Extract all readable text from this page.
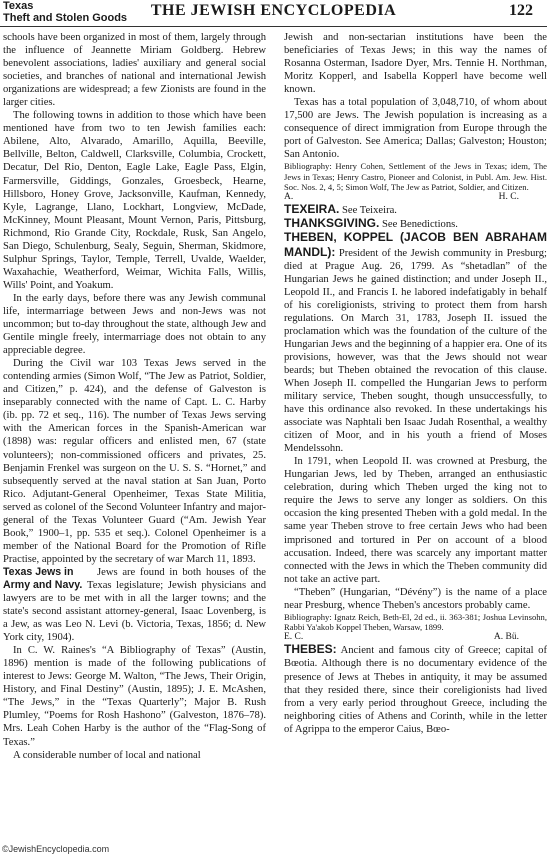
Texas
Theft and Stolen Goods	THE JEWISH ENCYCLOPEDIA	122

schools have been organized in most of them, largely through the influence of Jeannette Miriam Goldberg. Hebrew benevolent associations, ladies' auxiliary and general social societies, and branches of national and international Jewish organizations are widespread; a few Zionists are found in the larger cities.

The following towns in addition to those which have been mentioned have from two to ten Jewish families each: Abilene, Alto, Alvarado, Amarillo, Aquilla, Beeville, Bellville, Belton, Caldwell, Clarksville, Columbia, Crockett, Decatur, Del Rio, Denton, Eagle Lake, Eagle Pass, Elgin, Farmersville, Giddings, Gonzales, Groesbeck, Hearne, Hillsboro, Honey Grove, Jacksonville, Kaufman, Kennedy, Kyle, Lagrange, Llano, Lockhart, Longview, McDade, McKinney, Mount Pleasant, Mount Vernon, Paris, Pittsburg, Richmond, Rio Grande City, Rockdale, Rusk, San Angelo, San Diego, Schulenburg, Sealy, Seguin, Sherman, Skidmore, Sulphur Springs, Taylor, Temple, Terrell, Uvalde, Waelder, Waxahachie, Weatherford, Weimar, Wichita Falls, Willis, Wills' Point, and Yoakum.

In the early days, before there was any Jewish communal life, intermarriage between Jews and non-Jews was not uncommon; but to-day throughout the state, although Jew and Gentile mingle freely, intermarriage does not obtain to any appreciable degree.

During the Civil war 103 Texas Jews served in the contending armies (Simon Wolf, “The Jew as Patriot, Soldier, and Citizen,” p. 424), and the defense of Galveston is inseparably connected with the name of Capt. L. C. Harby (ib. pp. 72 et seq., 116). The number of Texas Jews serving with the American forces in the Spanish-American war (1898) was: regular officers and enlisted men, 67 (state volunteers); non-commissioned officers and privates, 25. Benjamin Frenkel was surgeon on the U. S. S. “Hornet,” and subsequently served at the naval station at San Juan, Porto Rico. Adjutant-General Openheimer, Texas State Militia, served as colonel of the Second Volunteer Infantry and major-general of the Texas Volunteer Guard (“Am. Jewish Year Book,” 1900–1, pp. 535 et seq.). Colonel Openheimer is a member of the National Board for the Promotion of Rifle Practise, appointed by the secretary of war March 11, 1893.

Texas Jews in Army and Navy.

Jews are found in both houses of the Texas legislature; Jewish physicians and lawyers are to be met with in all the larger towns; and the state's second assistant attorney-general, Isaac Lovenberg, is a Jew, as was Leo N. Levi (b. Victoria, Texas, 1856; d. New York city, 1904).

In C. W. Raines's “A Bibliography of Texas” (Austin, 1896) mention is made of the following publications of interest to Jews: George M. Walton, “The Jews, Their Origin, History, and Final Destiny” (Austin, 1895); J. E. McAshen, “The Jews,” in the “Texas Quarterly”; Major B. Rush Plumley, “Poems for Rosh Hashono” (Galveston, 1876–78). Mrs. Leah Cohen Harby is the author of the “Flag-Song of Texas.”

A considerable number of local and national

Jewish and non-sectarian institutions have been the beneficiaries of Texas Jews; in this way the names of Rosanna Osterman, Isadore Dyer, Mrs. Tennie H. Northman, Moritz Kopperl, and Isabella Kopperl have become well known.

Texas has a total population of 3,048,710, of whom about 17,500 are Jews. The Jewish population is increasing as a consequence of direct immigration from Europe through the port of Galveston. See America; Dallas; Galveston; Houston; San Antonio.

Bibliography: Henry Cohen, Settlement of the Jews in Texas; idem, The Jews in Texas; Henry Castro, Pioneer and Colonist, in Publ. Am. Jew. Hist. Soc. Nos. 2, 4, 5; Simon Wolf, The Jew as Patriot, Soldier, and Citizen.

A.	H. C.

TEXEIRA. See Teixeira.

THANKSGIVING. See Benedictions.

THEBEN, KOPPEL (JACOB BEN ABRAHAM MANDL): President of the Jewish community in Presburg; died at Prague Aug. 26, 1799. As “shetadlan” of the Hungarian Jews he gained distinction; and under Joseph II., Leopold II., and Francis I. he labored indefatigably in behalf of his coreligionists, striving to protect them from harsh regulations. On March 31, 1783, Joseph II. issued the proclamation which was the foundation of the culture of the Hungarian Jews and the beginning of a happier era. One of its provisions, however, was that the Jews should not wear beards; but Theben obtained the revocation of this clause. When Joseph II. compelled the Hungarian Jews to perform military service, Theben sought, though unsuccessfully, to have this ordinance also revoked. In these undertakings his associate was Naphtali ben Isaac Judah Rosenthal, a wealthy citizen of Moor, and in his youth a friend of Moses Mendelssohn.

In 1791, when Leopold II. was crowned at Presburg, the Hungarian Jews, led by Theben, arranged an enthusiastic celebration, during which Theben urged the king not to require the Jews to serve any longer as soldiers. On this occasion the king presented Theben with a gold medal. In the same year Theben strove to free certain Jews who had been imprisoned and tortured in Per on account of a blood accusation. Indeed, there was scarcely any important matter connected with the Jews in which the Theben community did not take an active part.

“Theben” (Hungarian, “Dévény”) is the name of a place near Presburg, whence Theben's ancestors probably came.

Bibliography: Ignatz Reich, Beth-El, 2d ed., ii. 363-381; Joshua Levinsohn, Rabbi Ya'akob Koppel Theben, Warsaw, 1899.

E. C.	A. Bü.

THEBES: Ancient and famous city of Greece; capital of Bœotia. Although there is no documentary evidence of the presence of Jews at Thebes in antiquity, it may be assumed that they resided there, since their coreligionists had lived from a very early period throughout Greece, including the neighboring cities of Athens and Corinth, while in the letter of Agrippa to the emperor Caius, Bœo-

©JewishEncyclopedia.com
